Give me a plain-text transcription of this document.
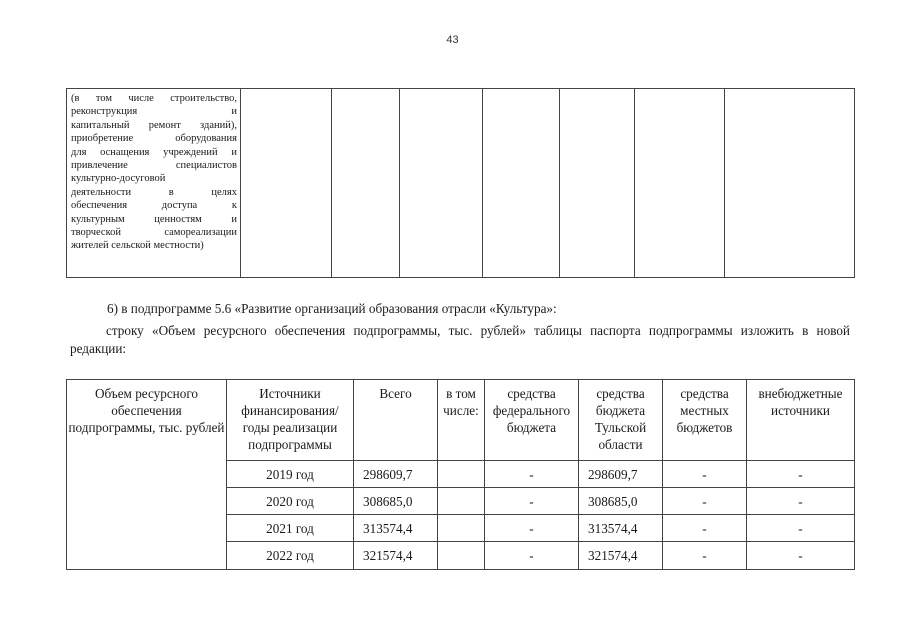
43
(в том числе строительство,
реконструкция и
капитальный ремонт зданий),
приобретение оборудования
для оснащения учреждений и
привлечение специалистов
культурно-досуговой
деятельности в целях
обеспечения доступа к
культурным ценностям и
творческой самореализации
жителей сельской местности)

6) в подпрограмме 5.6 «Развитие организаций образования отрасли «Культура»:
строку «Объем ресурсного обеспечения подпрограммы, тыс. рублей» таблицы паспорта подпрограммы изложить в новой редакции:
Объем ресурсного обеспечения подпрограммы, тыс. рублей	Источники финансирования/ годы реализации подпрограммы	Всего	в том числе:	средства федерального бюджета	средства бюджета Тульской области	средства местных бюджетов	внебюджетные источники
	2019 год	298609,7		-	298609,7	-	-
	2020 год	308685,0		-	308685,0	-	-
	2021 год	313574,4		-	313574,4	-	-
	2022 год	321574,4		-	321574,4	-	-
